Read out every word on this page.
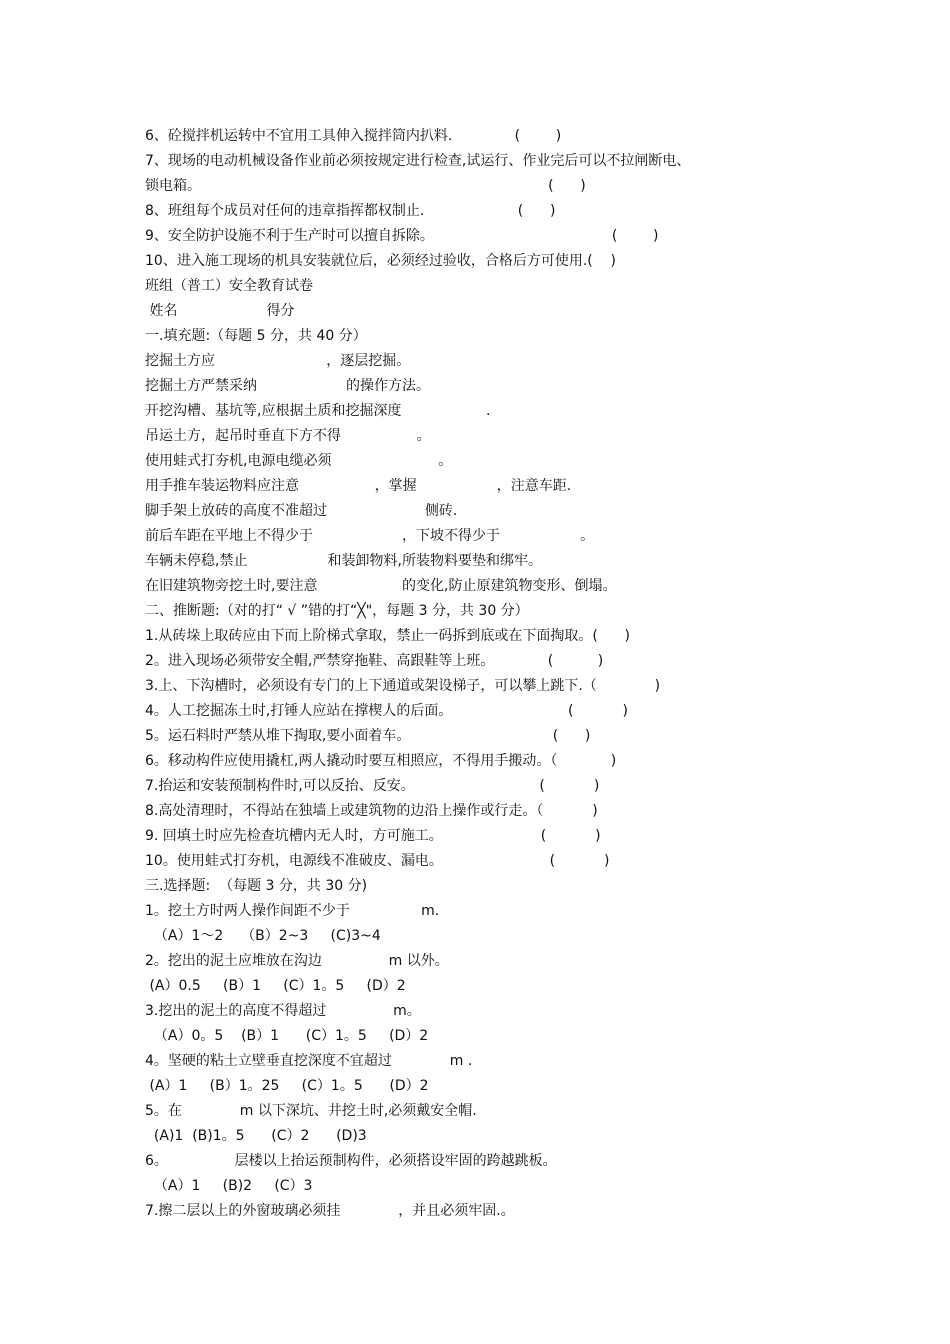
6、砼搅拌机运转中不宜用工具伸入搅拌筒内扒料.              (        )
7、现场的电动机械设备作业前必须按规定进行检查,试运行、作业完后可以不拉闸断电、
锁电箱。                                                                              (      )
8、班组每个成员对任何的违章指挥都权制止.                     (      )
9、安全防护设施不利于生产时可以擅自拆除。                                        (        )
10、进入施工现场的机具安装就位后，必须经过验收，合格后方可使用.(    )
班组（普工）安全教育试卷
姓名                    得分
一.填充题:（每题 5 分，共 40 分）
挖掘土方应                         ，逐层挖掘。
挖掘土方严禁采纳                    的操作方法。
开挖沟槽、基坑等,应根据土质和挖掘深度                   .
吊运土方，起吊时垂直下方不得                 。
使用蛙式打夯机,电源电缆必须                        。
用手推车装运物料应注意                 ，掌握                  ，注意车距.
脚手架上放砖的高度不准超过                      侧砖.
前后车距在平地上不得少于                    ，下坡不得少于                  。
车辆未停稳,禁止                  和装卸物料,所装物料要垫和绑牢。
在旧建筑物旁挖土时,要注意                   的变化,防止原建筑物变形、倒塌。
二、推断题:（对的打“ √ ”错的打“╳"，每题 3 分，共 30 分）
1.从砖垛上取砖应由下而上阶梯式拿取，禁止一码拆到底或在下面掏取。(      )
2。进入现场必须带安全帽,严禁穿拖鞋、高跟鞋等上班。            (          )
3.上、下沟槽时，必须设有专门的上下通道或架设梯子，可以攀上跳下.（             )
4。人工挖掘冻土时,打锤人应站在撑楔人的后面。                          (           )
5。运石料时严禁从堆下掏取,要小面着车。                                (      )
6。移动构件应使用撬杠,两人撬动时要互相照应，不得用手搬动。（            )
7.抬运和安装预制构件时,可以反抬、反安。                            (           )
8.高处清理时，不得站在独墙上或建筑物的边沿上操作或行走。（           )
9. 回填土时应先检查坑槽内无人时，方可施工。                      (           )
10。使用蛙式打夯机，电源线不准破皮、漏电。                        (           )
三.选择题:  （每题 3 分，共 30 分)
1。挖土方时两人操作间距不少于                m.
（A）1～2    （B）2~3     (C)3~4
2。挖出的泥土应堆放在沟边               m 以外。
(A）0.5     (B）1     (C）1。5     (D）2
3.挖出的泥土的高度不得超过               m。
（A）0。5    (B）1      (C）1。5     (D）2
4。坚硬的粘土立壁垂直挖深度不宜超过             m .
(A）1     (B）1。25     (C）1。5      (D）2
5。在             m 以下深坑、井挖土时,必须戴安全帽.
(A)1  (B)1。5      (C）2      (D)3
6。               层楼以上抬运预制构件，必须搭设牢固的跨越跳板。
（A）1     (B)2     (C）3
7.擦二层以上的外窗玻璃必须挂             ，并且必须牢固.。
